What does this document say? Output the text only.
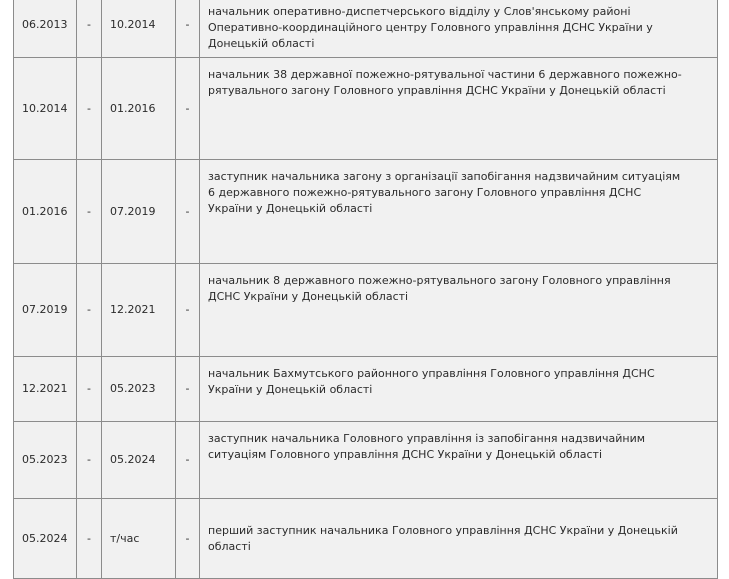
06.2013	-	10.2014	-	начальник оперативно-диспетчерського відділу у Слов'янському районі Оперативно-координаційного центру Головного управління ДСНС України у Донецькій області
10.2014	-	01.2016	-	начальник 38 державної пожежно-рятувальної частини 6 державного пожежно-рятувального загону Головного управління ДСНС України у Донецькій області
01.2016	-	07.2019	-	заступник начальника загону з організації запобігання надзвичайним ситуаціям 6 державного пожежно-рятувального загону Головного управління ДСНС України у Донецькій області
07.2019	-	12.2021	-	начальник 8 державного пожежно-рятувального загону Головного управління ДСНС України у Донецькій області
12.2021	-	05.2023	-	начальник Бахмутського районного управління Головного управління ДСНС України у Донецькій області
05.2023	-	05.2024	-	заступник начальника Головного управління із запобігання надзвичайним ситуаціям Головного управління ДСНС України у Донецькій області
05.2024	-	т/час	-	перший заступник начальника Головного управління ДСНС України у Донецькій області
